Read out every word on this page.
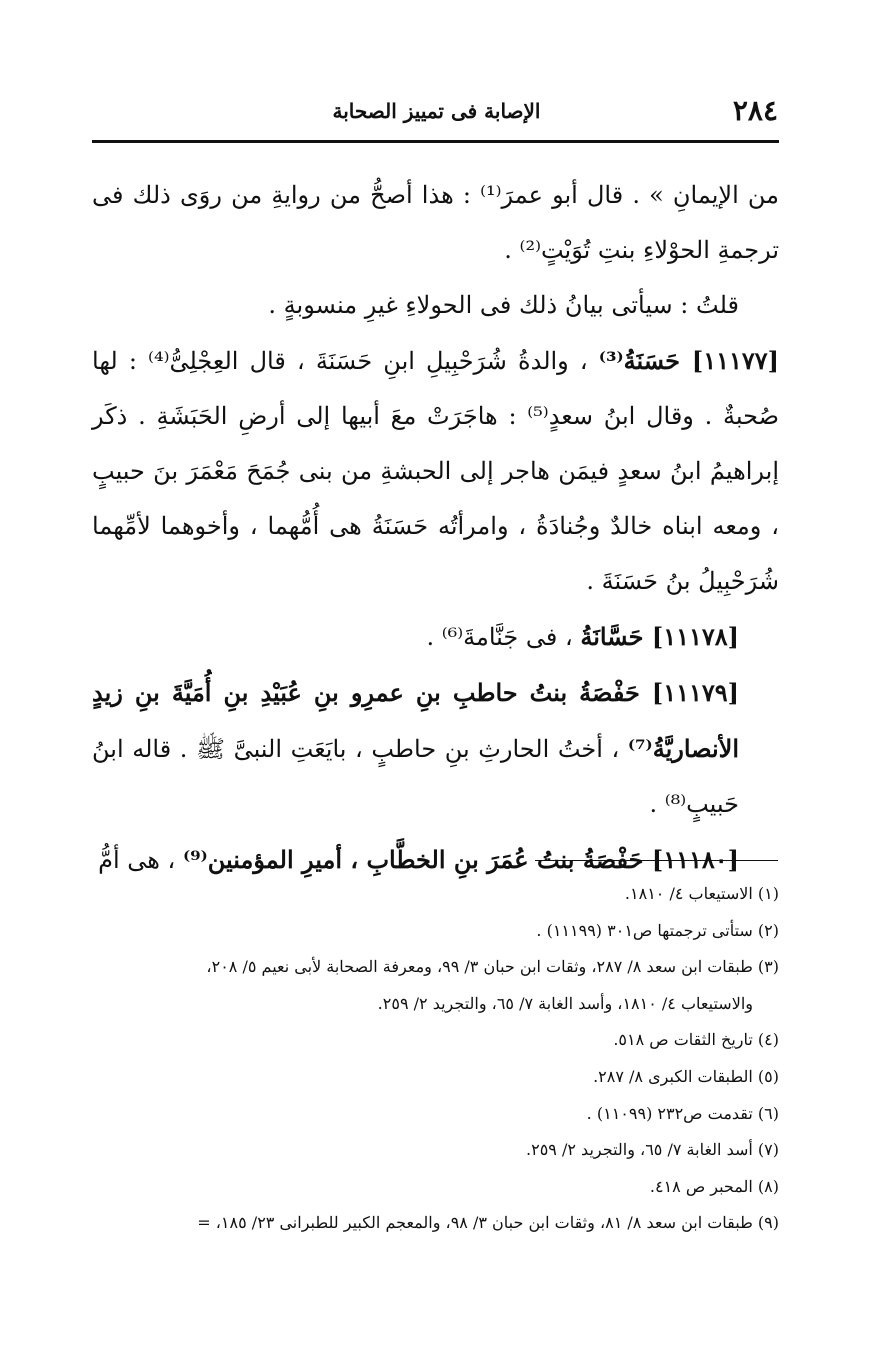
٢٨٤
الإصابة فى تمييز الصحابة

من الإيمانِ » . قال أبو عمرَ⁽¹⁾ : هذا أصحُّ من روايةِ من روَى ذلك فى ترجمةِ الحوْلاءِ بنتِ تُوَيْتٍ⁽²⁾ .

قلتُ : سيأتى بيانُ ذلك فى الحولاءِ غيرِ منسوبةٍ .

[١١١٧٧] حَسَنَةُ⁽³⁾ ، والدةُ شُرَحْبِيلِ ابنِ حَسَنَةَ ، قال العِجْلِىُّ⁽⁴⁾ : لها صُحبةٌ . وقال ابنُ سعدٍ⁽⁵⁾ : هاجَرَتْ معَ أبيها إلى أرضِ الحَبَشَةِ . ذكَر إبراهيمُ ابنُ سعدٍ فيمَن هاجر إلى الحبشةِ من بنى جُمَحَ مَعْمَرَ بنَ حبيبٍ ، ومعه ابناه خالدٌ وجُنادَةُ ، وامرأتُه حَسَنَةُ هى أُمُّهما ، وأخوهما لأمِّهما شُرَحْبِيلُ بنُ حَسَنَةَ .

[١١١٧٨] حَسَّانَةُ ، فى جَنَّامةَ⁽⁶⁾ .

[١١١٧٩] حَفْصَةُ بنتُ حاطبِ بنِ عمرِو بنِ عُبَيْدِ بنِ أُمَيَّةَ بنِ زيدٍ الأنصاريَّةُ⁽⁷⁾ ، أختُ الحارثِ بنِ حاطبٍ ، بايَعَتِ النبىَّ ﷺ . قاله ابنُ حَبيبٍ⁽⁸⁾ .

[١١١٨٠] حَفْصَةُ بنتُ عُمَرَ بنِ الخطَّابِ ، أميرِ المؤمنين⁽⁹⁾ ، هى أمُّ

(١) الاستيعاب ٤/ ١٨١٠.

(٢) ستأتى ترجمتها ص٣٠١ (١١١٩٩) .

(٣) طبقات ابن سعد ٨/ ٢٨٧، وثقات ابن حبان ٣/ ٩٩، ومعرفة الصحابة لأبى نعيم ٥/ ٢٠٨،

والاستيعاب ٤/ ١٨١٠، وأسد الغابة ٧/ ٦٥، والتجريد ٢/ ٢٥٩.

(٤) تاريخ الثقات ص ٥١٨.

(٥) الطبقات الكبرى ٨/ ٢٨٧.

(٦) تقدمت ص٢٣٢ (١١٠٩٩) .

(٧) أسد الغابة ٧/ ٦٥، والتجريد ٢/ ٢٥٩.

(٨) المحبر ص ٤١٨.

(٩) طبقات ابن سعد ٨/ ٨١، وثقات ابن حبان ٣/ ٩٨، والمعجم الكبير للطبرانى ٢٣/ ١٨٥، =
